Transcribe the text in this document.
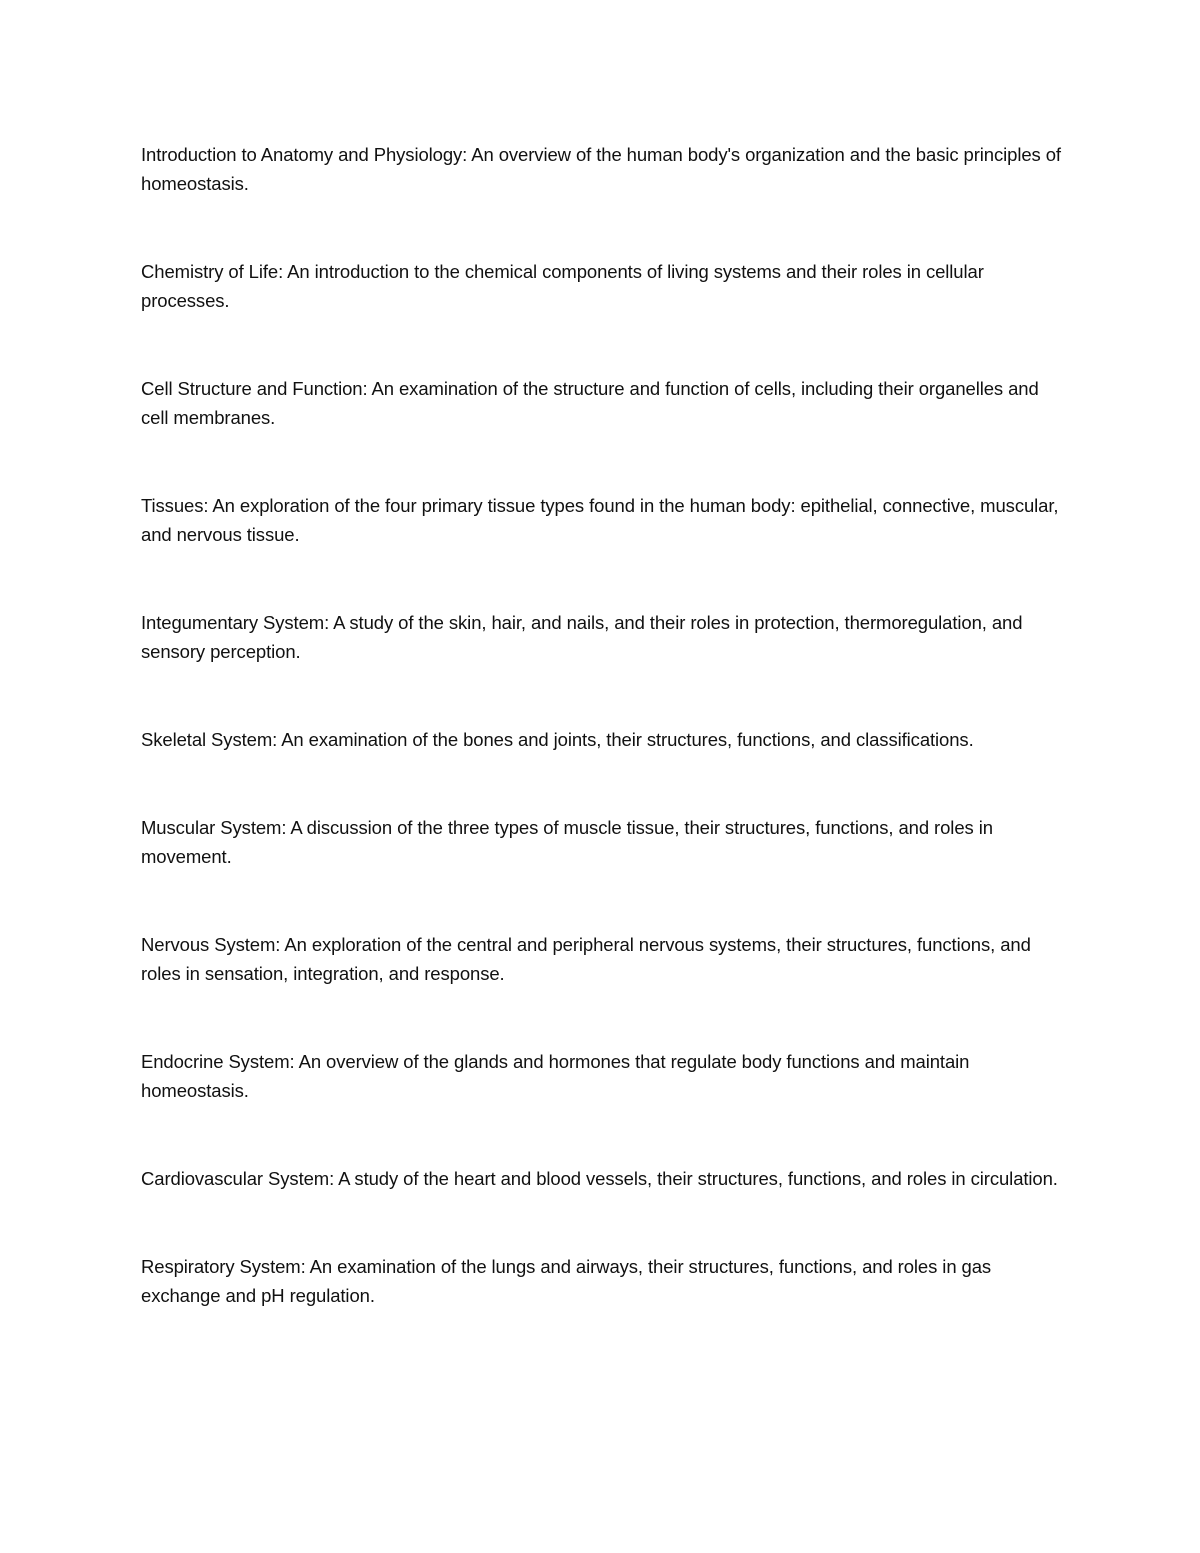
Introduction to Anatomy and Physiology: An overview of the human body's organization and the basic principles of homeostasis.

Chemistry of Life: An introduction to the chemical components of living systems and their roles in cellular processes.

Cell Structure and Function: An examination of the structure and function of cells, including their organelles and cell membranes.

Tissues: An exploration of the four primary tissue types found in the human body: epithelial, connective, muscular, and nervous tissue.

Integumentary System: A study of the skin, hair, and nails, and their roles in protection, thermoregulation, and sensory perception.

Skeletal System: An examination of the bones and joints, their structures, functions, and classifications.

Muscular System: A discussion of the three types of muscle tissue, their structures, functions, and roles in movement.

Nervous System: An exploration of the central and peripheral nervous systems, their structures, functions, and roles in sensation, integration, and response.

Endocrine System: An overview of the glands and hormones that regulate body functions and maintain homeostasis.

Cardiovascular System: A study of the heart and blood vessels, their structures, functions, and roles in circulation.

Respiratory System: An examination of the lungs and airways, their structures, functions, and roles in gas exchange and pH regulation.
